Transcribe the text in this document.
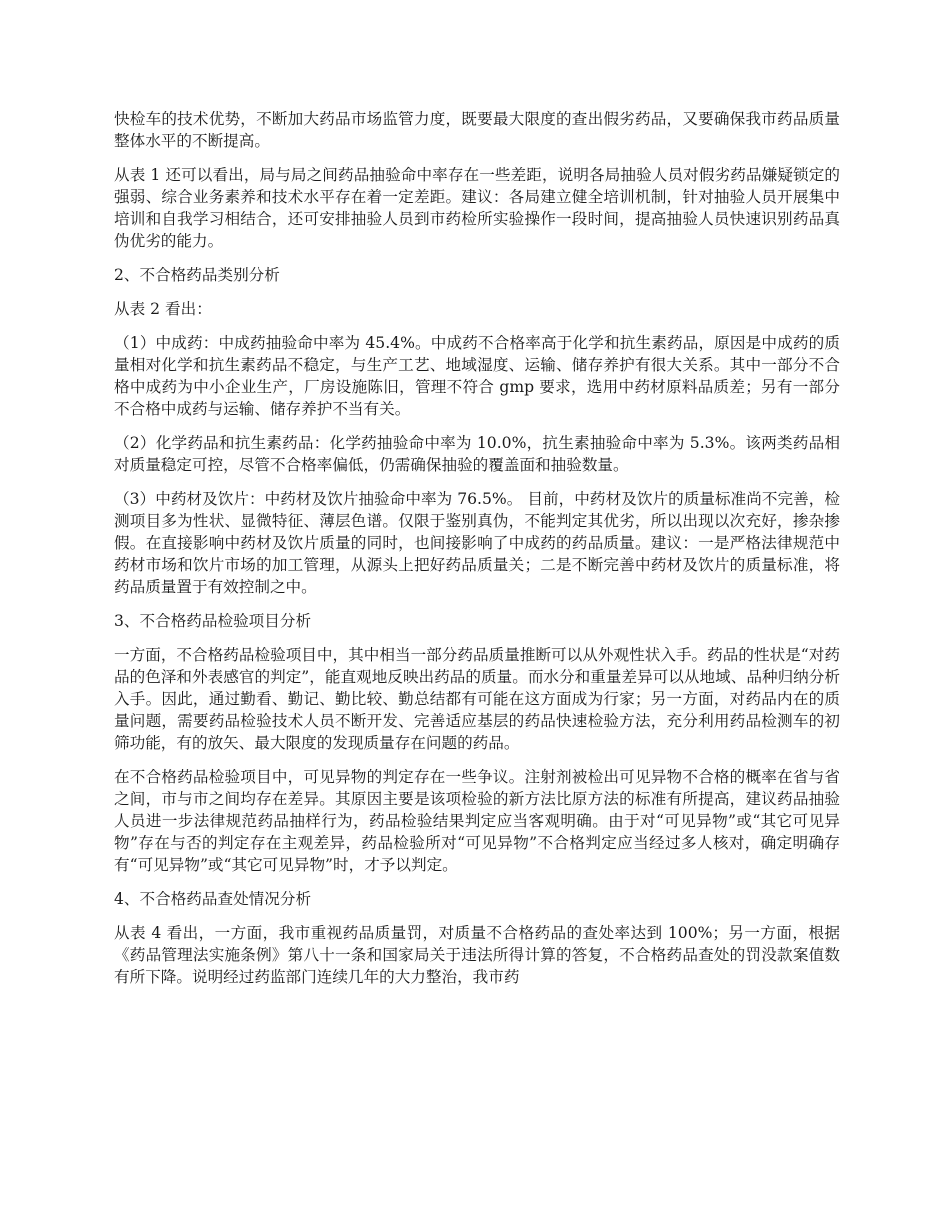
快检车的技术优势，不断加大药品市场监管力度，既要最大限度的查出假劣药品，又要确保我市药品质量整体水平的不断提高。

从表 1 还可以看出，局与局之间药品抽验命中率存在一些差距，说明各局抽验人员对假劣药品嫌疑锁定的强弱、综合业务素养和技术水平存在着一定差距。建议：各局建立健全培训机制，针对抽验人员开展集中培训和自我学习相结合，还可安排抽验人员到市药检所实验操作一段时间，提高抽验人员快速识别药品真伪优劣的能力。

2、不合格药品类别分析

从表 2 看出：

（1）中成药：中成药抽验命中率为 45.4%。中成药不合格率高于化学和抗生素药品，原因是中成药的质量相对化学和抗生素药品不稳定，与生产工艺、地域湿度、运输、储存养护有很大关系。其中一部分不合格中成药为中小企业生产，厂房设施陈旧，管理不符合 gmp 要求，选用中药材原料品质差；另有一部分不合格中成药与运输、储存养护不当有关。

（2）化学药品和抗生素药品：化学药抽验命中率为 10.0%，抗生素抽验命中率为 5.3%。该两类药品相对质量稳定可控，尽管不合格率偏低，仍需确保抽验的覆盖面和抽验数量。

（3）中药材及饮片：中药材及饮片抽验命中率为 76.5%。 目前，中药材及饮片的质量标准尚不完善，检测项目多为性状、显微特征、薄层色谱。仅限于鉴别真伪，不能判定其优劣，所以出现以次充好，掺杂掺假。在直接影响中药材及饮片质量的同时，也间接影响了中成药的药品质量。建议：一是严格法律规范中药材市场和饮片市场的加工管理，从源头上把好药品质量关；二是不断完善中药材及饮片的质量标准，将药品质量置于有效控制之中。

3、不合格药品检验项目分析

一方面，不合格药品检验项目中，其中相当一部分药品质量推断可以从外观性状入手。药品的性状是“对药品的色泽和外表感官的判定”，能直观地反映出药品的质量。而水分和重量差异可以从地域、品种归纳分析入手。因此，通过勤看、勤记、勤比较、勤总结都有可能在这方面成为行家；另一方面，对药品内在的质量问题，需要药品检验技术人员不断开发、完善适应基层的药品快速检验方法，充分利用药品检测车的初筛功能，有的放矢、最大限度的发现质量存在问题的药品。

在不合格药品检验项目中，可见异物的判定存在一些争议。注射剂被检出可见异物不合格的概率在省与省之间，市与市之间均存在差异。其原因主要是该项检验的新方法比原方法的标准有所提高，建议药品抽验人员进一步法律规范药品抽样行为，药品检验结果判定应当客观明确。由于对“可见异物”或“其它可见异物”存在与否的判定存在主观差异，药品检验所对“可见异物”不合格判定应当经过多人核对，确定明确存有“可见异物”或“其它可见异物”时，才予以判定。

4、不合格药品查处情况分析

从表 4 看出，一方面，我市重视药品质量罚，对质量不合格药品的查处率达到 100%；另一方面，根据《药品管理法实施条例》第八十一条和国家局关于违法所得计算的答复，不合格药品查处的罚没款案值数有所下降。说明经过药监部门连续几年的大力整治，我市药
